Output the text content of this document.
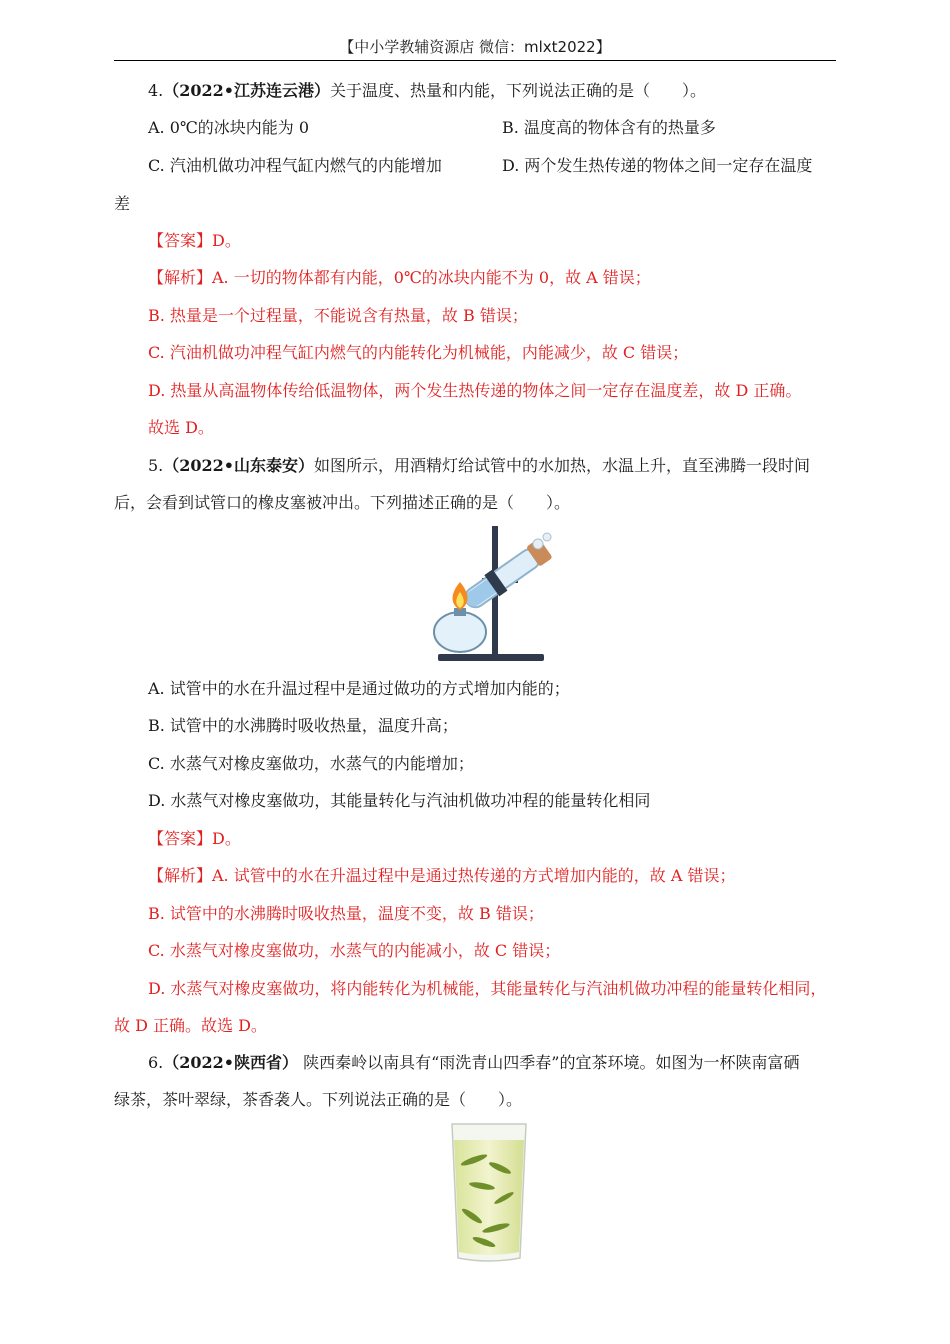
【中小学教辅资源店 微信：mlxt2022】
4.（2022•江苏连云港）关于温度、热量和内能，下列说法正确的是（　　）。
A. 0℃的冰块内能为 0	B. 温度高的物体含有的热量多
C. 汽油机做功冲程气缸内燃气的内能增加	D. 两个发生热传递的物体之间一定存在温度
差
【答案】D。
【解析】A. 一切的物体都有内能，0℃的冰块内能不为 0，故 A 错误；
B. 热量是一个过程量，不能说含有热量，故 B 错误；
C. 汽油机做功冲程气缸内燃气的内能转化为机械能，内能减少，故 C 错误；
D. 热量从高温物体传给低温物体，两个发生热传递的物体之间一定存在温度差，故 D 正确。
故选 D。
5.（2022•山东泰安）如图所示，用酒精灯给试管中的水加热，水温上升，直至沸腾一段时间
后，会看到试管口的橡皮塞被冲出。下列描述正确的是（　　）。
A. 试管中的水在升温过程中是通过做功的方式增加内能的；
B. 试管中的水沸腾时吸收热量，温度升高；
C. 水蒸气对橡皮塞做功，水蒸气的内能增加；
D. 水蒸气对橡皮塞做功，其能量转化与汽油机做功冲程的能量转化相同
【答案】D。
【解析】A. 试管中的水在升温过程中是通过热传递的方式增加内能的，故 A 错误；
B. 试管中的水沸腾时吸收热量，温度不变，故 B 错误；
C. 水蒸气对橡皮塞做功，水蒸气的内能减小，故 C 错误；
D. 水蒸气对橡皮塞做功，将内能转化为机械能，其能量转化与汽油机做功冲程的能量转化相同，
故 D 正确。故选 D。
6.（2022•陕西省） 陕西秦岭以南具有“雨洗青山四季春”的宜茶环境。如图为一杯陕南富硒
绿茶，茶叶翠绿，茶香袭人。下列说法正确的是（　　）。
